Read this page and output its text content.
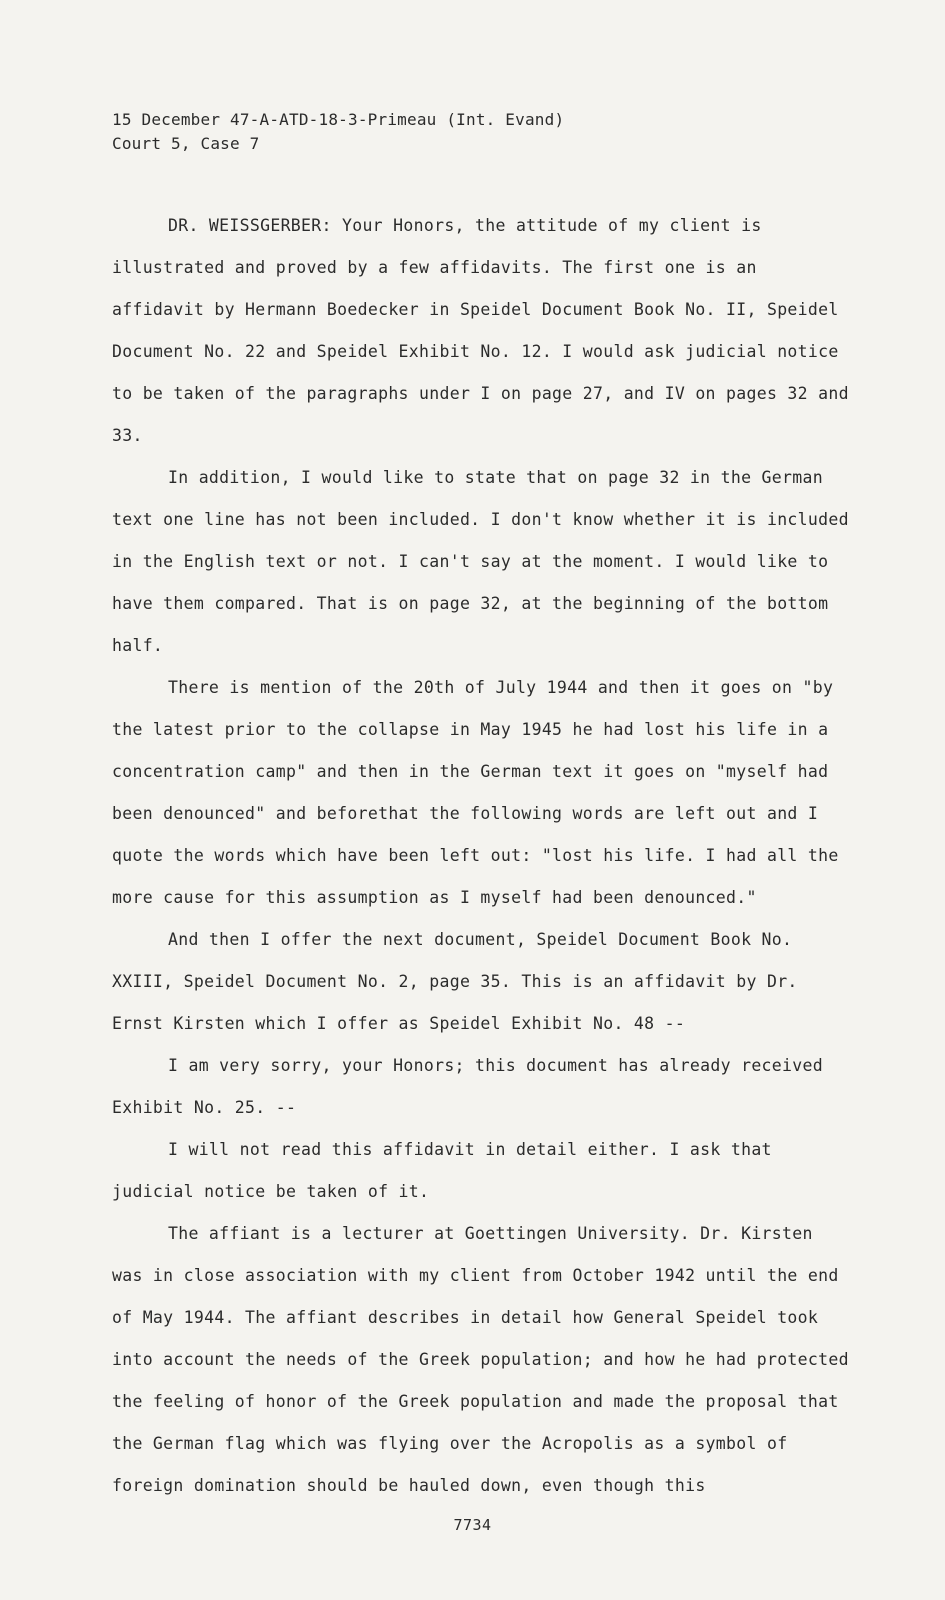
15 December 47-A-ATD-18-3-Primeau (Int. Evand)
Court 5, Case 7

DR. WEISSGERBER: Your Honors, the attitude of my client is illustrated and proved by a few affidavits. The first one is an affidavit by Hermann Boedecker in Speidel Document Book No. II, Speidel Document No. 22 and Speidel Exhibit No. 12. I would ask judicial notice to be taken of the paragraphs under I on page 27, and IV on pages 32 and 33.

In addition, I would like to state that on page 32 in the German text one line has not been included. I don't know whether it is included in the English text or not. I can't say at the moment. I would like to have them compared. That is on page 32, at the beginning of the bottom half.

There is mention of the 20th of July 1944 and then it goes on "by the latest prior to the collapse in May 1945 he had lost his life in a concentration camp" and then in the German text it goes on "myself had been denounced" and beforethat the following words are left out and I quote the words which have been left out: "lost his life. I had all the more cause for this assumption as I myself had been denounced."

And then I offer the next document, Speidel Document Book No. XXIII, Speidel Document No. 2, page 35. This is an affidavit by Dr. Ernst Kirsten which I offer as Speidel Exhibit No. 48 --

I am very sorry, your Honors; this document has already received Exhibit No. 25. --

I will not read this affidavit in detail either. I ask that judicial notice be taken of it.

The affiant is a lecturer at Goettingen University. Dr. Kirsten was in close association with my client from October 1942 until the end of May 1944. The affiant describes in detail how General Speidel took into account the needs of the Greek population; and how he had protected the feeling of honor of the Greek population and made the proposal that the German flag which was flying over the Acropolis as a symbol of foreign domination should be hauled down, even though this

7734
